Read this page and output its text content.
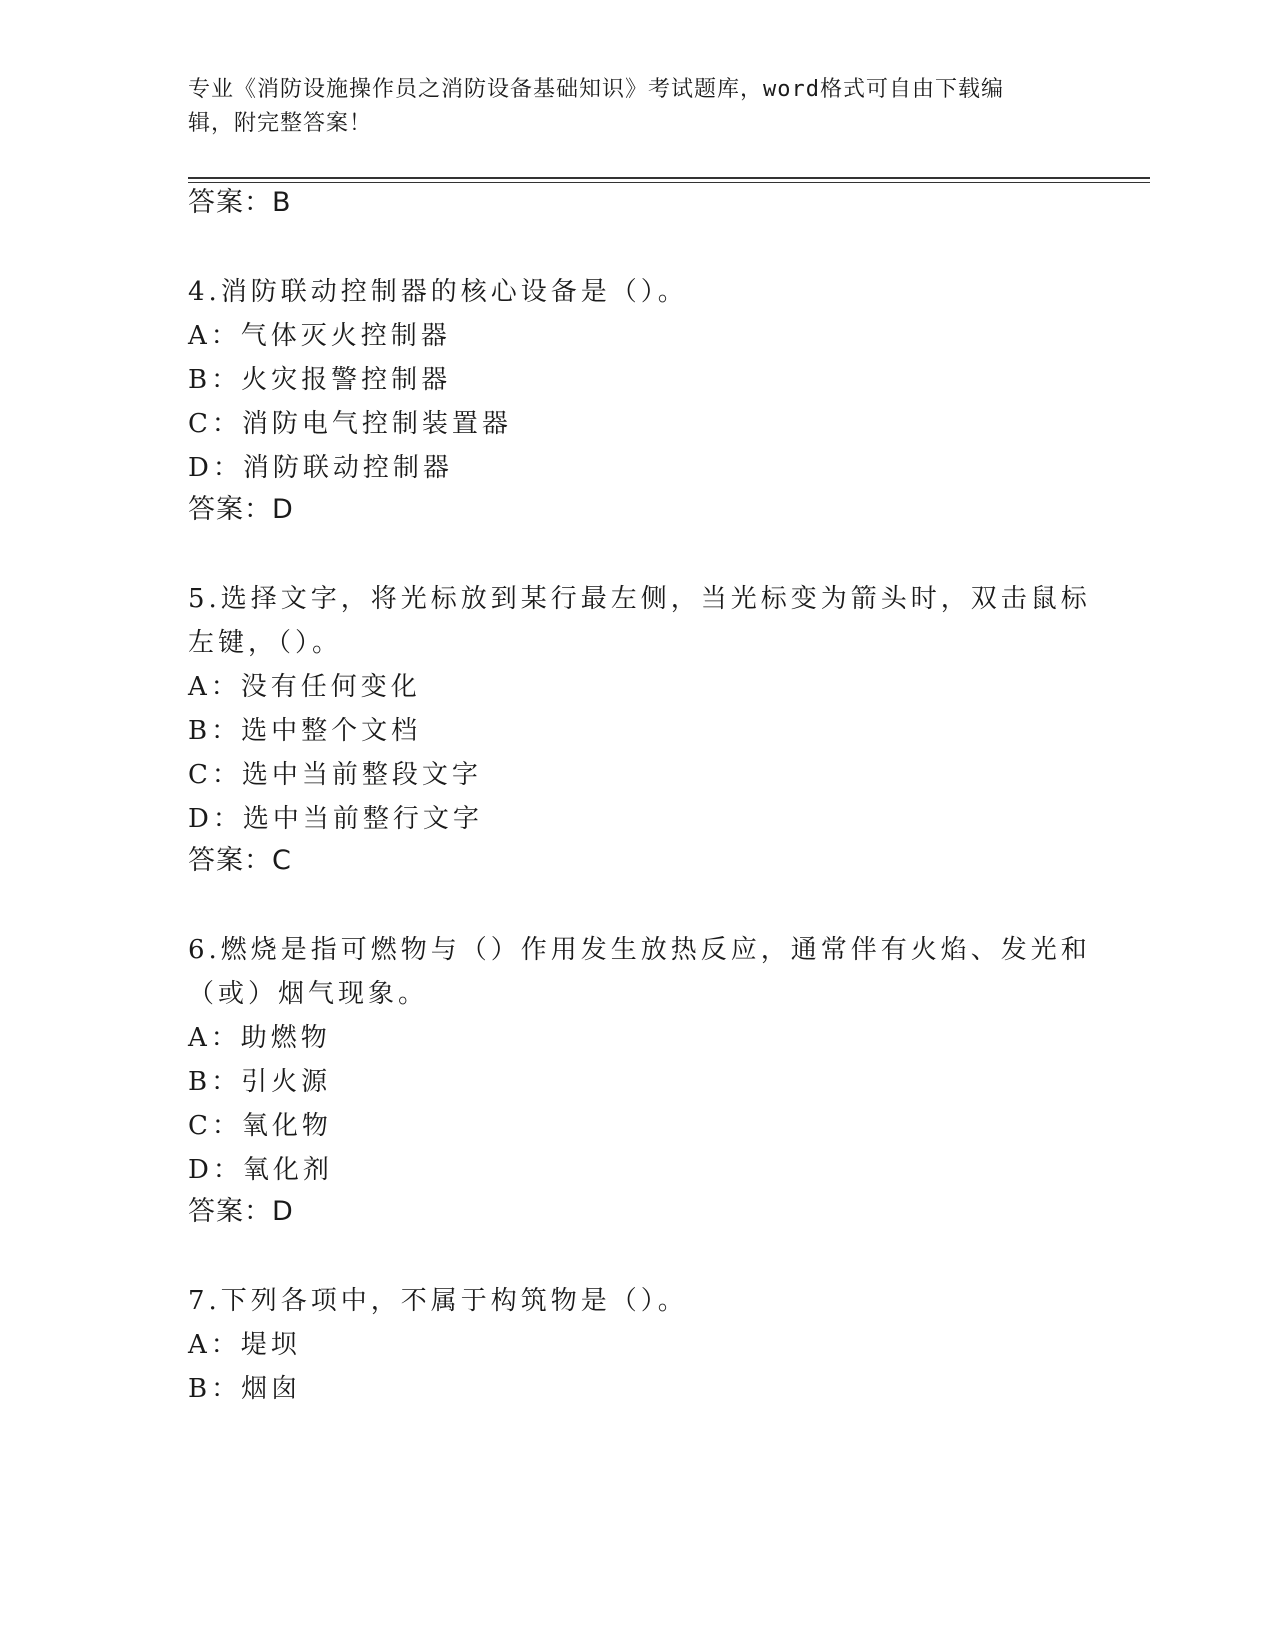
专业《消防设施操作员之消防设备基础知识》考试题库，word格式可自由下载编
辑，附完整答案！
答案：B
4.消防联动控制器的核心设备是（）。
A：气体灭火控制器
B：火灾报警控制器
C：消防电气控制装置器
D：消防联动控制器
答案：D
5.选择文字，将光标放到某行最左侧，当光标变为箭头时，双击鼠标
左键，（）。
A：没有任何变化
B：选中整个文档
C：选中当前整段文字
D：选中当前整行文字
答案：C
6.燃烧是指可燃物与（）作用发生放热反应，通常伴有火焰、发光和
（或）烟气现象。
A：助燃物
B：引火源
C：氧化物
D：氧化剂
答案：D
7.下列各项中，不属于构筑物是（）。
A：堤坝
B：烟囱
